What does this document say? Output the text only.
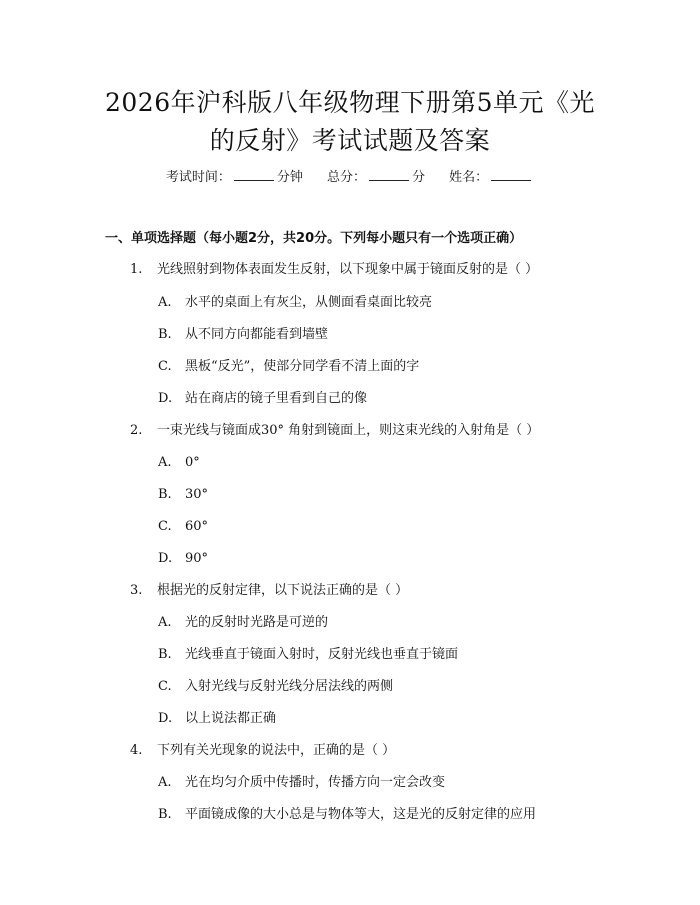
2026年沪科版八年级物理下册第5单元《光
的反射》考试试题及答案
考试时间：	分钟 总分：	分 姓名：
一、单项选择题（每小题2分，共20分。下列每小题只有一个选项正确）
1. 光线照射到物体表面发生反射，以下现象中属于镜面反射的是（ ）
A. 水平的桌面上有灰尘，从侧面看桌面比较亮
B. 从不同方向都能看到墙壁
C. 黑板“反光”，使部分同学看不清上面的字
D. 站在商店的镜子里看到自己的像
2. 一束光线与镜面成30° 角射到镜面上，则这束光线的入射角是（ ）
A. 0°
B. 30°
C. 60°
D. 90°
3. 根据光的反射定律，以下说法正确的是（ ）
A. 光的反射时光路是可逆的
B. 光线垂直于镜面入射时，反射光线也垂直于镜面
C. 入射光线与反射光线分居法线的两侧
D. 以上说法都正确
4. 下列有关光现象的说法中，正确的是（ ）
A. 光在均匀介质中传播时，传播方向一定会改变
B. 平面镜成像的大小总是与物体等大，这是光的反射定律的应用
